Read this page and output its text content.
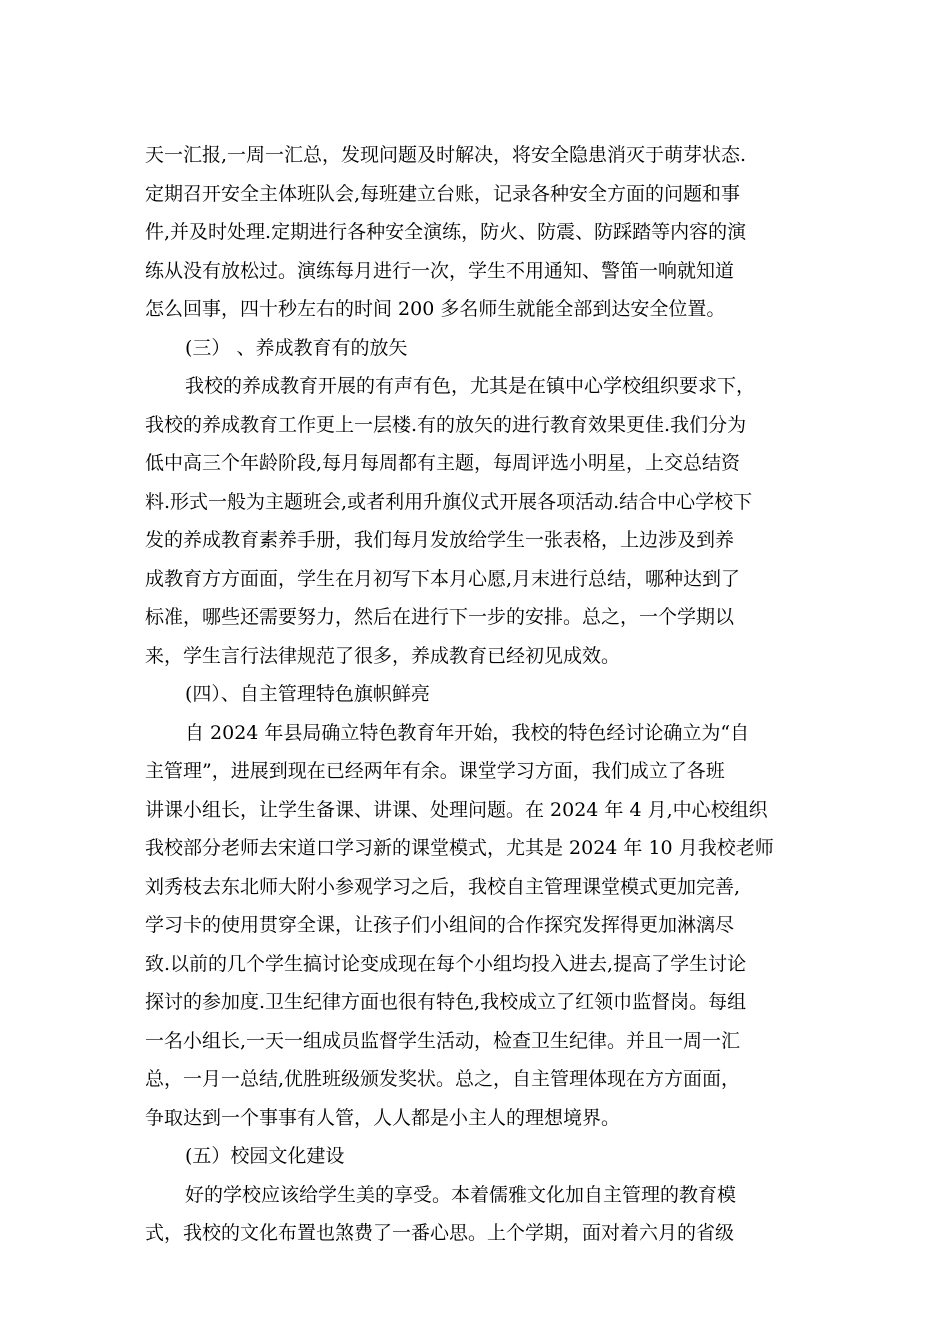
天一汇报,一周一汇总，发现问题及时解决，将安全隐患消灭于萌芽状态.
定期召开安全主体班队会,每班建立台账，记录各种安全方面的问题和事
件,并及时处理.定期进行各种安全演练，防火、防震、防踩踏等内容的演
练从没有放松过。演练每月进行一次，学生不用通知、警笛一响就知道
怎么回事，四十秒左右的时间 200 多名师生就能全部到达安全位置。
(三） 、养成教育有的放矢
我校的养成教育开展的有声有色，尤其是在镇中心学校组织要求下，
我校的养成教育工作更上一层楼.有的放矢的进行教育效果更佳.我们分为
低中高三个年龄阶段,每月每周都有主题，每周评选小明星，上交总结资
料.形式一般为主题班会,或者利用升旗仪式开展各项活动.结合中心学校下
发的养成教育素养手册，我们每月发放给学生一张表格，上边涉及到养
成教育方方面面，学生在月初写下本月心愿,月末进行总结，哪种达到了
标准，哪些还需要努力，然后在进行下一步的安排。总之，一个学期以
来，学生言行法律规范了很多，养成教育已经初见成效。
(四）、自主管理特色旗帜鲜亮
自 2024 年县局确立特色教育年开始，我校的特色经讨论确立为“自
主管理”，进展到现在已经两年有余。课堂学习方面，我们成立了各班
讲课小组长，让学生备课、讲课、处理问题。在 2024 年 4 月,中心校组织
我校部分老师去宋道口学习新的课堂模式，尤其是 2024 年 10 月我校老师
刘秀枝去东北师大附小参观学习之后，我校自主管理课堂模式更加完善,
学习卡的使用贯穿全课，让孩子们小组间的合作探究发挥得更加淋漓尽
致.以前的几个学生搞讨论变成现在每个小组均投入进去,提高了学生讨论
探讨的参加度.卫生纪律方面也很有特色,我校成立了红领巾监督岗。每组
一名小组长,一天一组成员监督学生活动，检查卫生纪律。并且一周一汇
总，一月一总结,优胜班级颁发奖状。总之，自主管理体现在方方面面，
争取达到一个事事有人管，人人都是小主人的理想境界。
(五）校园文化建设
好的学校应该给学生美的享受。本着儒雅文化加自主管理的教育模
式，我校的文化布置也煞费了一番心思。上个学期，面对着六月的省级
